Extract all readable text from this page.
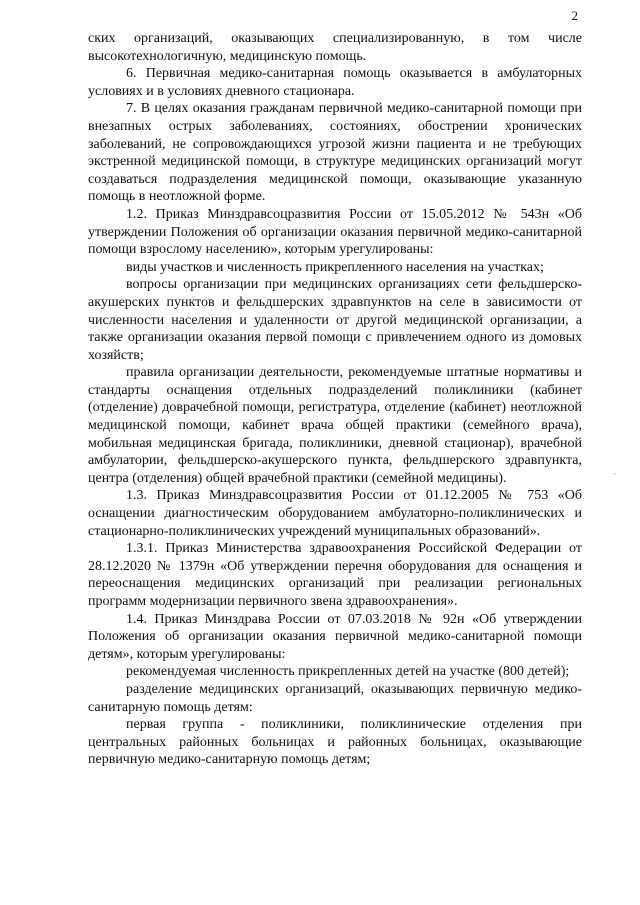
2
`

ских организаций, оказывающих специализированную, в том числе высокотехнологичную, медицинскую помощь.

6. Первичная медико-санитарная помощь оказывается в амбулаторных условиях и в условиях дневного стационара.

7. В целях оказания гражданам первичной медико-санитарной помощи при внезапных острых заболеваниях, состояниях, обострении хронических заболеваний, не сопровождающихся угрозой жизни пациента и не требующих экстренной медицинской помощи, в структуре медицинских организаций могут создаваться подразделения медицинской помощи, оказывающие указанную помощь в неотложной форме.

1.2. Приказ Минздравсоцразвития России от 15.05.2012 № 543н «Об утверждении Положения об организации оказания первичной медико-санитарной помощи взрослому населению», которым урегулированы:

виды участков и численность прикрепленного населения на участках;

вопросы организации при медицинских организациях сети фельдшерско-акушерских пунктов и фельдшерских здравпунктов на селе в зависимости от численности населения и удаленности от другой медицинской организации, а также организации оказания первой помощи с привлечением одного из домовых хозяйств;

правила организации деятельности, рекомендуемые штатные нормативы и стандарты оснащения отдельных подразделений поликлиники (кабинет (отделение) доврачебной помощи, регистратура, отделение (кабинет) неотложной медицинской помощи, кабинет врача общей практики (семейного врача), мобильная медицинская бригада, поликлиники, дневной стационар), врачебной амбулатории, фельдшерско-акушерского пункта, фельдшерского здравпункта, центра (отделения) общей врачебной практики (семейной медицины).

1.3. Приказ Минздравсоцразвития России от 01.12.2005 № 753 «Об оснащении диагностическим оборудованием амбулаторно-поликлинических и стационарно-поликлинических учреждений муниципальных образований».

1.3.1. Приказ Министерства здравоохранения Российской Федерации от 28.12.2020 № 1379н «Об утверждении перечня оборудования для оснащения и переоснащения медицинских организаций при реализации региональных программ модернизации первичного звена здравоохранения».

1.4. Приказ Минздрава России от 07.03.2018 № 92н «Об утверждении Положения об организации оказания первичной медико-санитарной помощи детям», которым урегулированы:

рекомендуемая численность прикрепленных детей на участке (800 детей);

разделение медицинских организаций, оказывающих первичную медико-санитарную помощь детям:

первая группа - поликлиники, поликлинические отделения при центральных районных больницах и районных больницах, оказывающие первичную медико-санитарную помощь детям;
